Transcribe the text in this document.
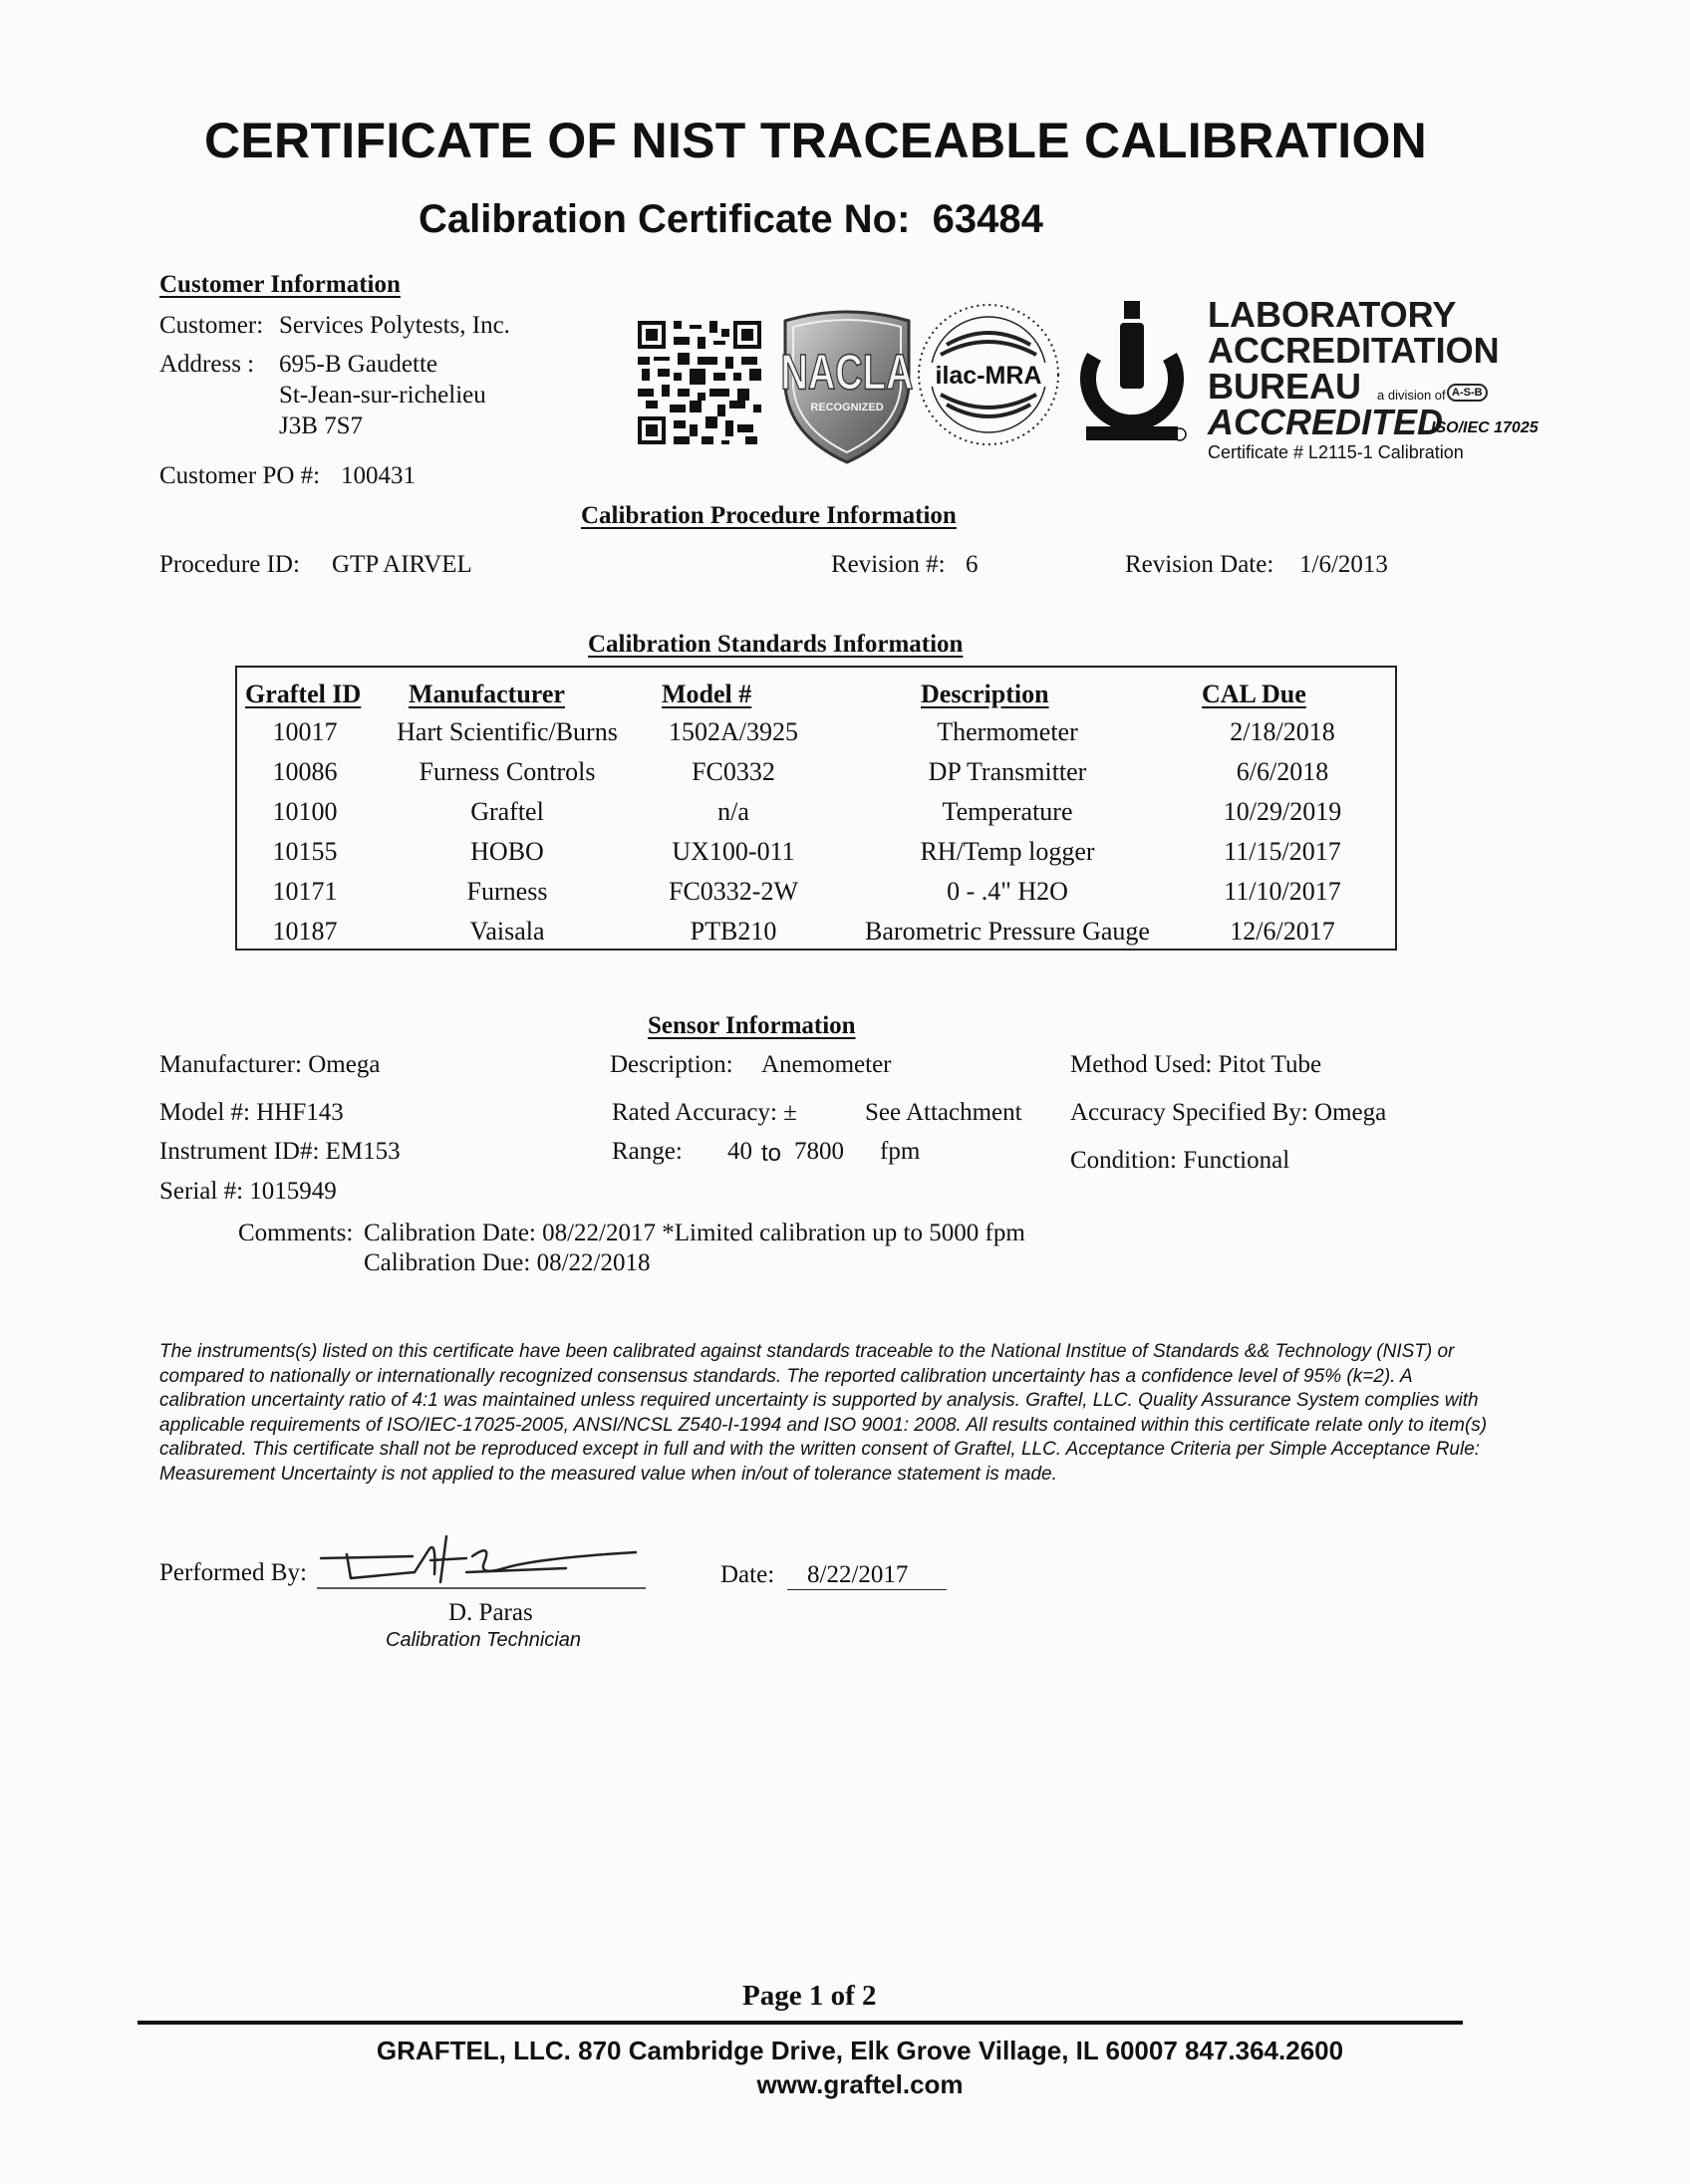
CERTIFICATE OF NIST TRACEABLE CALIBRATION
Calibration Certificate No: 63484
Customer Information
Customer: Services Polytests, Inc.
Address : 695-B Gaudette
St-Jean-sur-richelieu
J3B 7S7
Customer PO #: 100431
NACLA
RECOGNIZED
ilac-MRA
LABORATORY
ACCREDITATION
BUREAU a division of A-S-B
ACCREDITED
ISO/IEC 17025
Certificate # L2115-1 Calibration
Calibration Procedure Information
Procedure ID: GTP AIRVEL	Revision #: 6	Revision Date: 1/6/2013
Calibration Standards Information
Graftel ID Manufacturer	Model #	Description	CAL Due
10017	Hart Scientific/Burns	1502A/3925	Thermometer	2/18/2018
10086	Furness Controls	FC0332	DP Transmitter	6/6/2018
10100	Graftel	n/a	Temperature	10/29/2019
10155	HOBO	UX100-011	RH/Temp logger	11/15/2017
10171	Furness	FC0332-2W	0 - .4" H2O	11/10/2017
10187	Vaisala	PTB210	Barometric Pressure Gauge	12/6/2017
Sensor Information
Manufacturer: Omega
Model #: HHF143
Instrument ID#: EM153
Serial #: 1015949
Description: Anemometer
Rated Accuracy: ±	See Attachment
Range: 40 to 7800 fpm
Method Used: Pitot Tube
Accuracy Specified By: Omega
Condition: Functional
Comments: Calibration Date: 08/22/2017 *Limited calibration up to 5000 fpm
Calibration Due: 08/22/2018
The instruments(s) listed on this certificate have been calibrated against standards traceable to the National Institue of Standards && Technology (NIST) or compared to nationally or internationally recognized consensus standards. The reported calibration uncertainty has a confidence level of 95% (k=2). A calibration uncertainty ratio of 4:1 was maintained unless required uncertainty is supported by analysis. Graftel, LLC. Quality Assurance System complies with applicable requirements of ISO/IEC-17025-2005, ANSI/NCSL Z540-I-1994 and ISO 9001: 2008. All results contained within this certificate relate only to item(s) calibrated. This certificate shall not be reproduced except in full and with the written consent of Graftel, LLC. Acceptance Criteria per Simple Acceptance Rule: Measurement Uncertainty is not applied to the measured value when in/out of tolerance statement is made.
Performed By:
D. Paras
Calibration Technician
Date:	8/22/2017
Page 1 of 2
GRAFTEL, LLC. 870 Cambridge Drive, Elk Grove Village, IL 60007 847.364.2600
www.graftel.com
